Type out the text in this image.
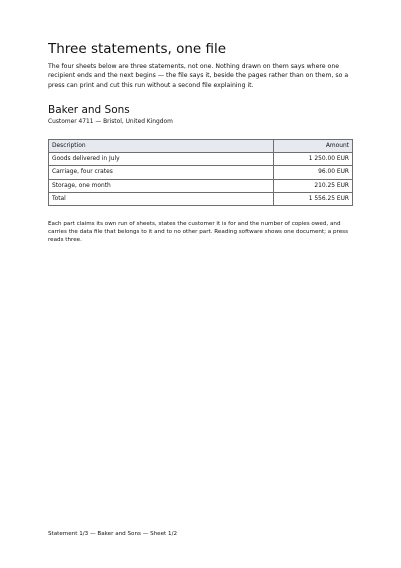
Three statements, one file

The four sheets below are three statements, not one. Nothing drawn on them says where one recipient ends and the next begins — the file says it, beside the pages rather than on them, so a press can print and cut this run without a second file explaining it.

Baker and Sons

Customer 4711 — Bristol, United Kingdom

Description	Amount
Goods delivered in July	1 250.00 EUR
Carriage, four crates	96.00 EUR
Storage, one month	210.25 EUR
Total	1 556.25 EUR

Each part claims its own run of sheets, states the customer it is for and the number of copies owed, and carries the data file that belongs to it and to no other part. Reading software shows one document; a press reads three.

Statement 1/3 — Baker and Sons — Sheet 1/2
